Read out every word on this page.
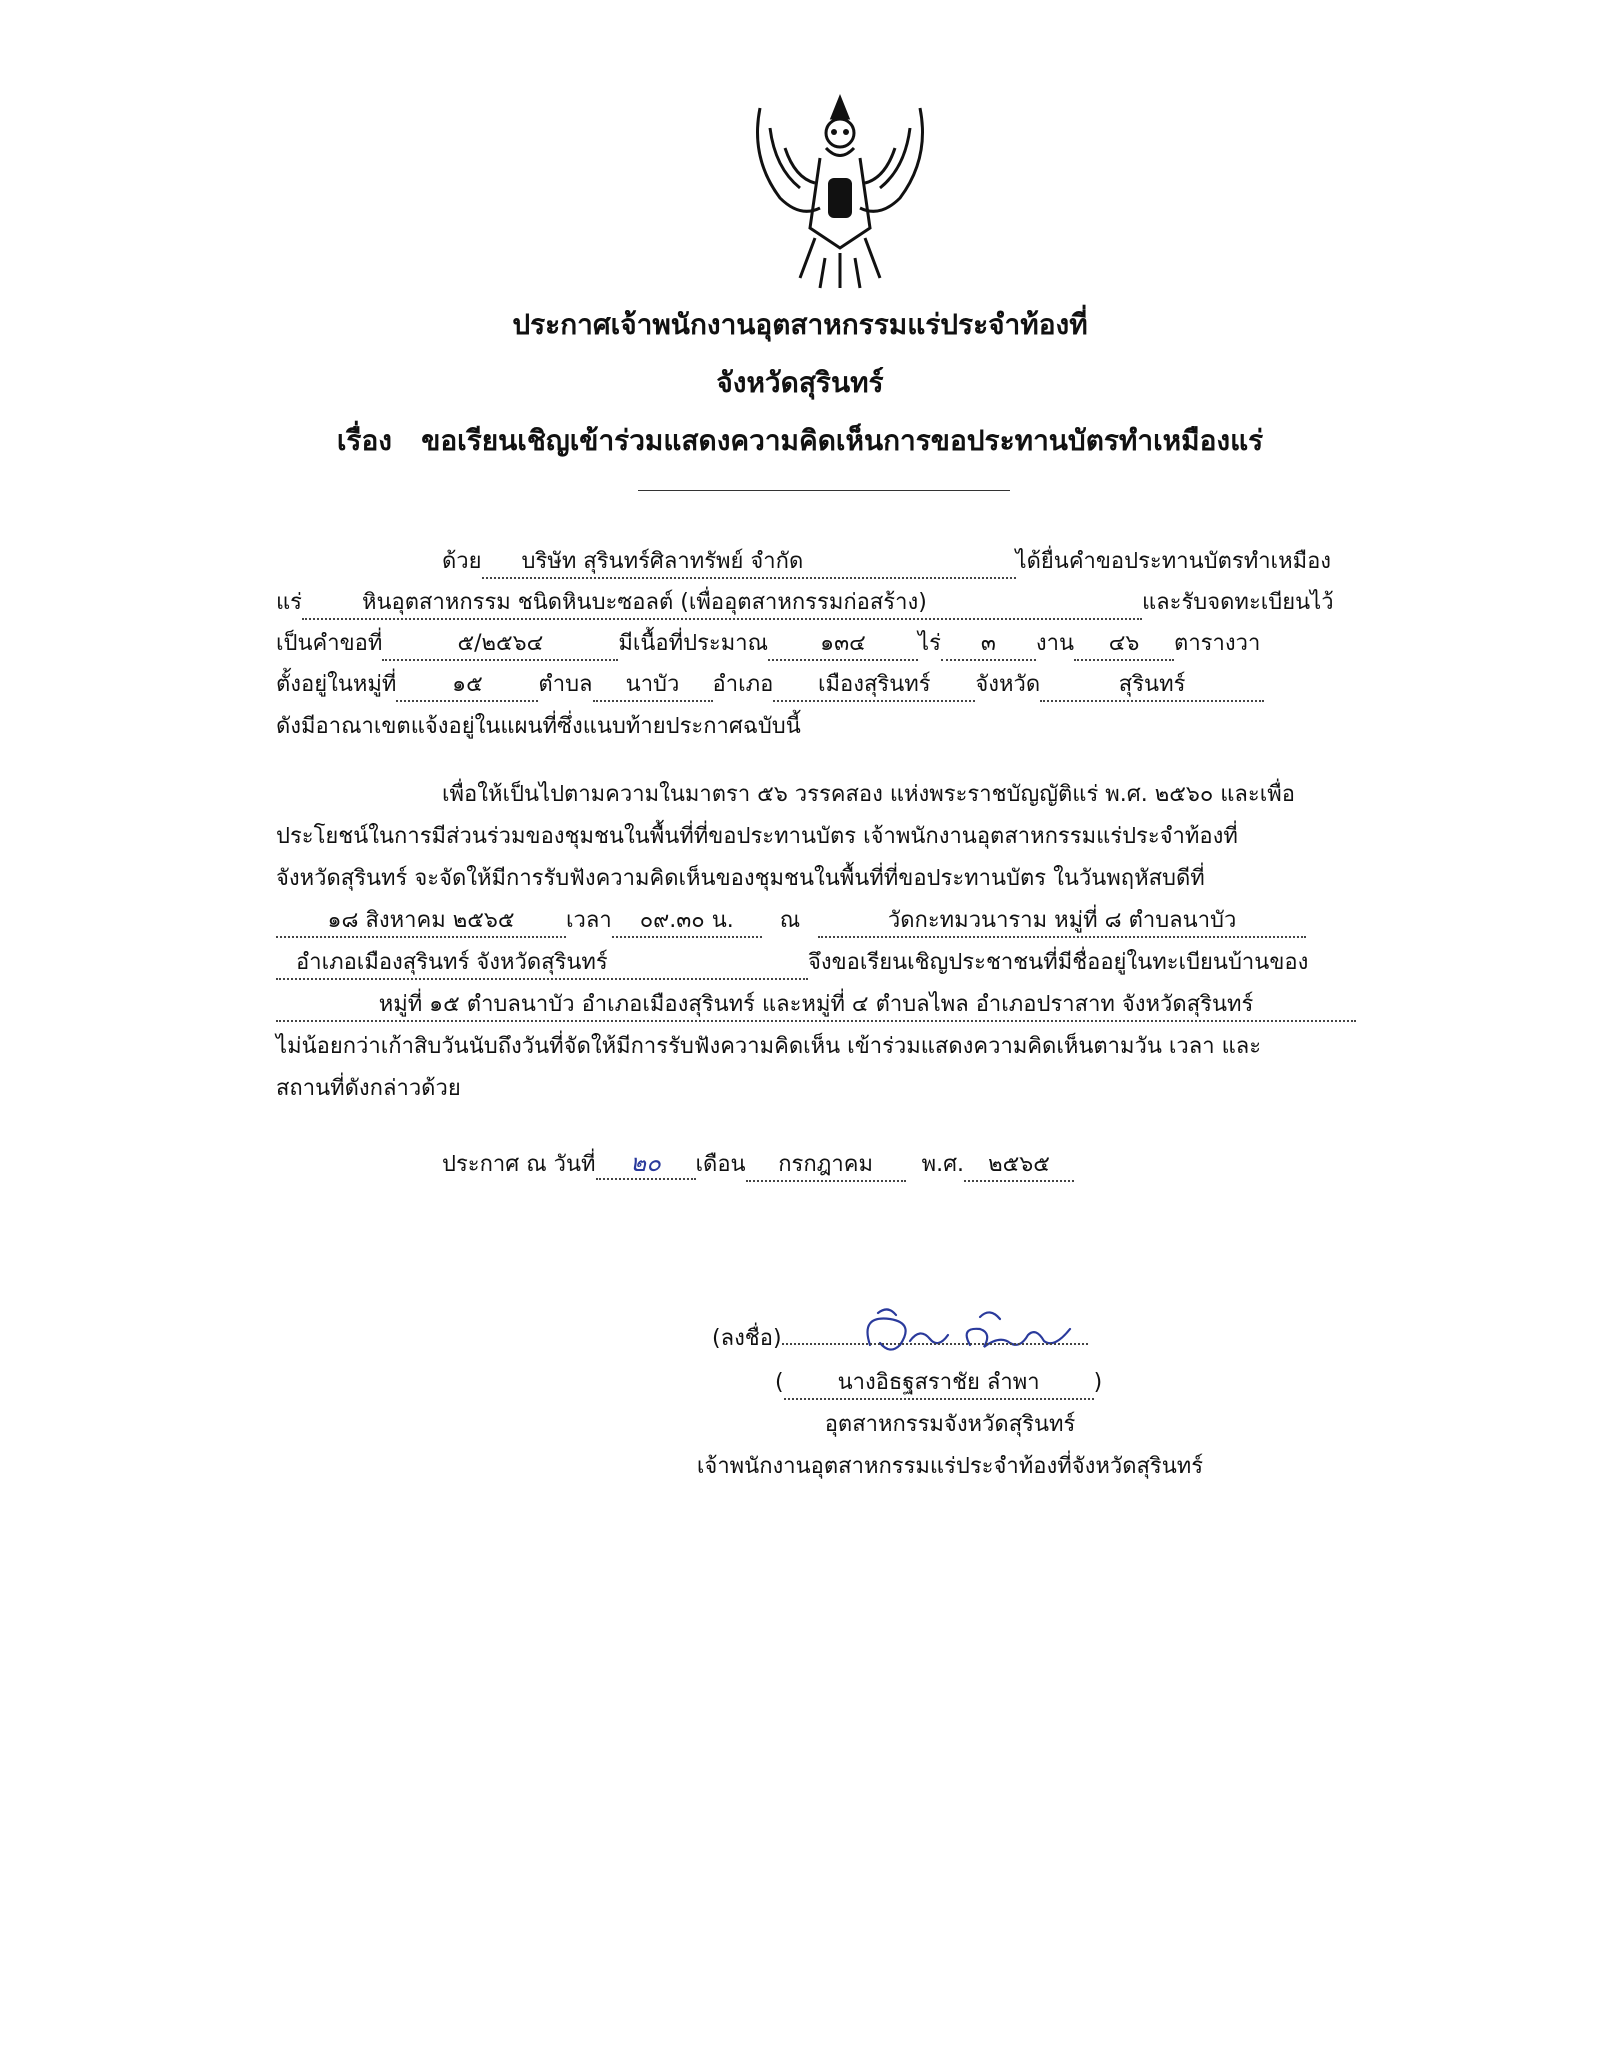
ประกาศเจ้าพนักงานอุตสาหกรรมแร่ประจำท้องที่
จังหวัดสุรินทร์
เรื่อง ขอเรียนเชิญเข้าร่วมแสดงความคิดเห็นการขอประทานบัตรทำเหมืองแร่
ด้วย บริษัท สุรินทร์ศิลาทรัพย์ จำกัด	ได้ยื่นคำขอประทานบัตรทำเหมือง
แร่	หินอุตสาหกรรม ชนิดหินบะซอลต์ (เพื่ออุตสาหกรรมก่อสร้าง)	และรับจดทะเบียนไว้
เป็นคำขอที่	๕/๒๕๖๔	มีเนื้อที่ประมาณ ๑๓๔ ไร่ ๓ งาน ๔๖ ตารางวา
ตั้งอยู่ในหมู่ที่	๑๕	ตำบล นาบัว อำเภอ เมืองสุรินทร์ จังหวัด	สุรินทร์
ดังมีอาณาเขตแจ้งอยู่ในแผนที่ซึ่งแนบท้ายประกาศฉบับนี้
เพื่อให้เป็นไปตามความในมาตรา ๕๖ วรรคสอง แห่งพระราชบัญญัติแร่ พ.ศ. ๒๕๖๐ และเพื่อ
ประโยชน์ในการมีส่วนร่วมของชุมชนในพื้นที่ที่ขอประทานบัตร เจ้าพนักงานอุตสาหกรรมแร่ประจำท้องที่
จังหวัดสุรินทร์ จะจัดให้มีการรับฟังความคิดเห็นของชุมชนในพื้นที่ที่ขอประทานบัตร ในวันพฤหัสบดีที่
๑๘ สิงหาคม ๒๕๖๕ เวลา ๐๙.๓๐ น. ณ	วัดกะทมวนาราม หมู่ที่ ๘ ตำบลนาบัว
อำเภอเมืองสุรินทร์ จังหวัดสุรินทร์	จึงขอเรียนเชิญประชาชนที่มีชื่ออยู่ในทะเบียนบ้านของ
หมู่ที่ ๑๕ ตำบลนาบัว อำเภอเมืองสุรินทร์ และหมู่ที่ ๔ ตำบลไพล อำเภอปราสาท จังหวัดสุรินทร์
ไม่น้อยกว่าเก้าสิบวันนับถึงวันที่จัดให้มีการรับฟังความคิดเห็น เข้าร่วมแสดงความคิดเห็นตามวัน เวลา และ
สถานที่ดังกล่าวด้วย
ประกาศ ณ วันที่ ๒๐ เดือน กรกฎาคม พ.ศ. ๒๕๖๕
(ลงชื่อ)
( นางอิธฐสราชัย ลำพา )
อุตสาหกรรมจังหวัดสุรินทร์
เจ้าพนักงานอุตสาหกรรมแร่ประจำท้องที่จังหวัดสุรินทร์
